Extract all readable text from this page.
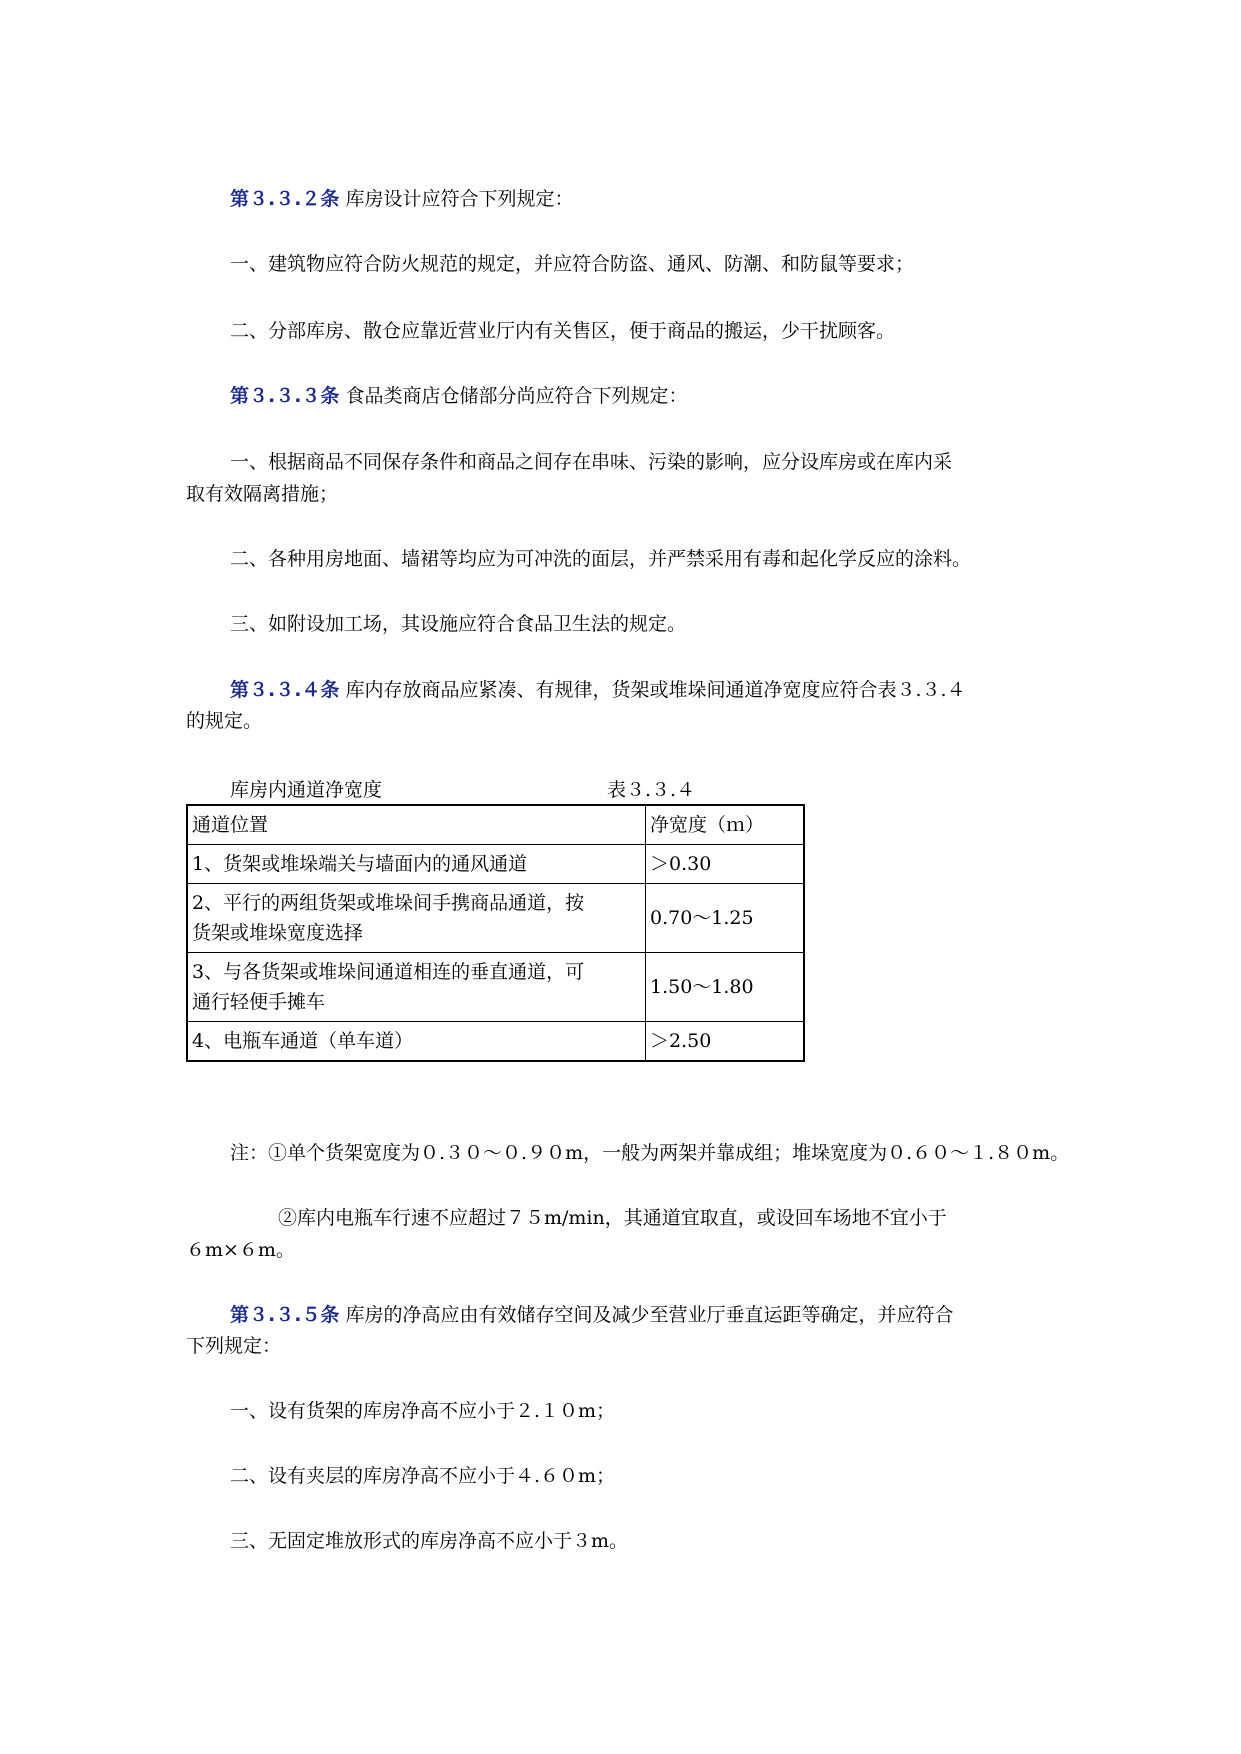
第３.３.２条 库房设计应符合下列规定：
一、建筑物应符合防火规范的规定，并应符合防盗、通风、防潮、和防鼠等要求；
二、分部库房、散仓应靠近营业厅内有关售区，便于商品的搬运，少干扰顾客。
第３.３.３条 食品类商店仓储部分尚应符合下列规定：
一、根据商品不同保存条件和商品之间存在串味、污染的影响，应分设库房或在库内采
取有效隔离措施；
二、各种用房地面、墙裙等均应为可冲洗的面层，并严禁采用有毒和起化学反应的涂料。
三、如附设加工场，其设施应符合食品卫生法的规定。
第３.３.４条 库内存放商品应紧凑、有规律，货架或堆垛间通道净宽度应符合表３.３.４
的规定。
库房内通道净宽度	表３.３.４
通道位置	净宽度（ｍ）
1、货架或堆垛端关与墙面内的通风通道	＞0.30

2、平行的两组货架或堆垛间手携商品通道，按
货架或堆垛宽度选择	0.70～1.25

3、与各货架或堆垛间通道相连的垂直通道，可
通行轻便手摊车	1.50～1.80
4、电瓶车通道（单车道）	＞2.50
注：①单个货架宽度为０.３０～０.９０m，一般为两架并靠成组；堆垛宽度为０.６０～１.８０m。
②库内电瓶车行速不应超过７５m/min，其通道宜取直，或设回车场地不宜小于
６m×６m。
第３.３.５条 库房的净高应由有效储存空间及减少至营业厅垂直运距等确定，并应符合
下列规定：
一、设有货架的库房净高不应小于２.１０m；
二、设有夹层的库房净高不应小于４.６０m；
三、无固定堆放形式的库房净高不应小于３m。
